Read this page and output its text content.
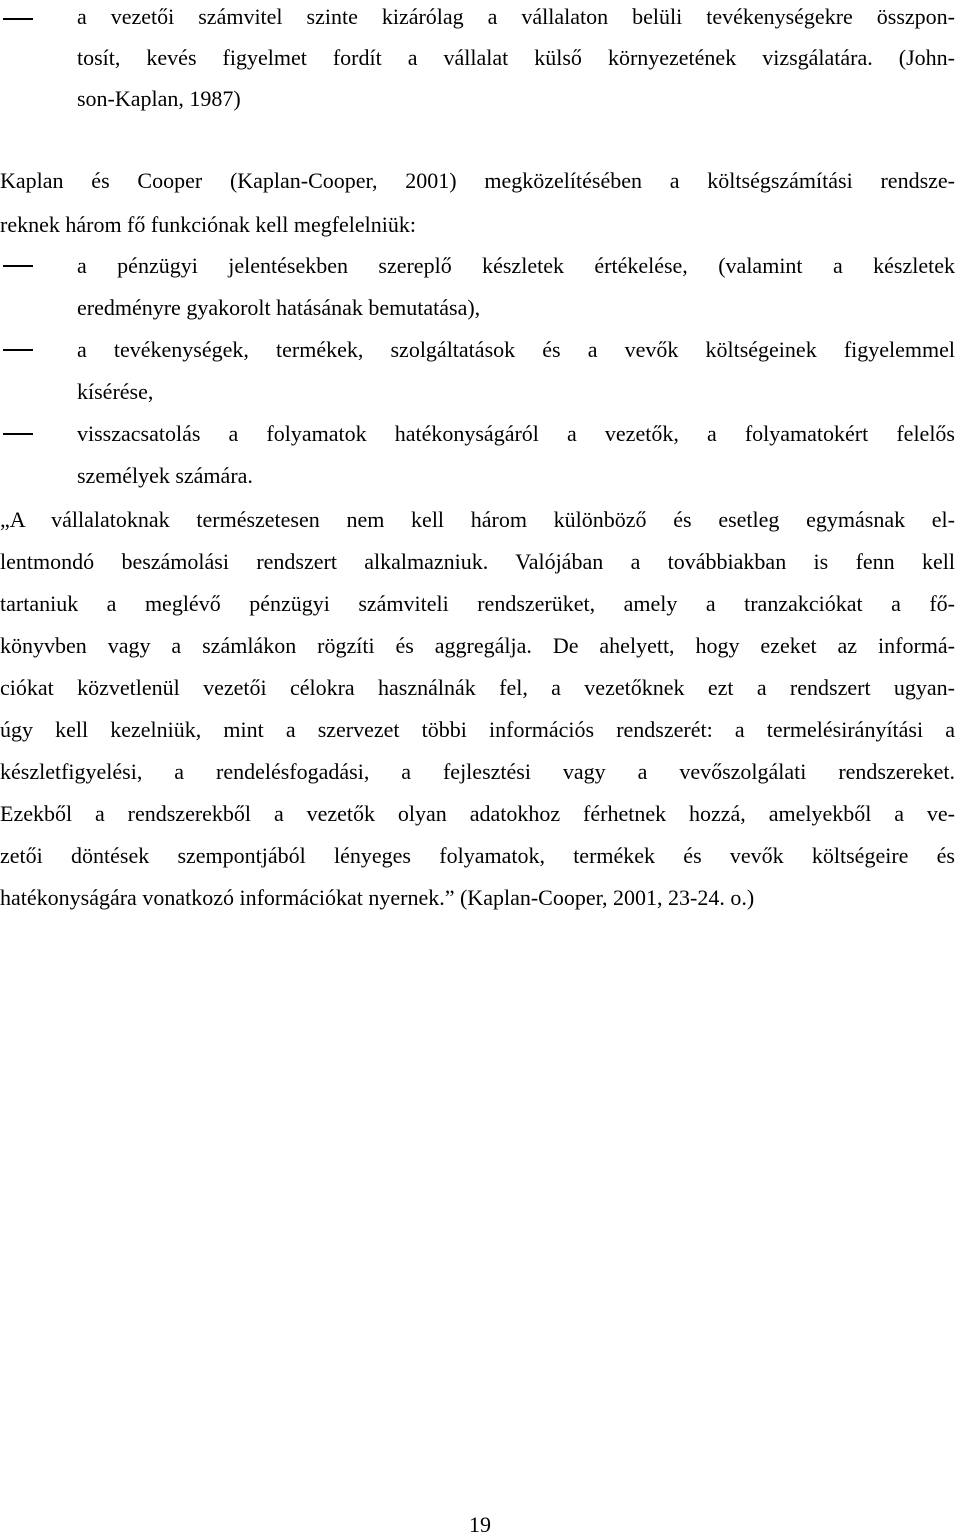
a vezetői számvitel szinte kizárólag a vállalaton belüli tevékenységekre összpon-
tosít, kevés figyelmet fordít a vállalat külső környezetének vizsgálatára. (John-
son-Kaplan, 1987)
Kaplan és Cooper (Kaplan-Cooper, 2001) megközelítésében a költségszámítási rendsze-
reknek három fő funkciónak kell megfelelniük:
a pénzügyi jelentésekben szereplő készletek értékelése, (valamint a készletek
eredményre gyakorolt hatásának bemutatása),
a tevékenységek, termékek, szolgáltatások és a vevők költségeinek figyelemmel
kísérése,
visszacsatolás a folyamatok hatékonyságáról a vezetők, a folyamatokért felelős
személyek számára.
„A vállalatoknak természetesen nem kell három különböző és esetleg egymásnak el-
lentmondó beszámolási rendszert alkalmazniuk. Valójában a továbbiakban is fenn kell
tartaniuk a meglévő pénzügyi számviteli rendszerüket, amely a tranzakciókat a fő-
könyvben vagy a számlákon rögzíti és aggregálja. De ahelyett, hogy ezeket az informá-
ciókat közvetlenül vezetői célokra használnák fel, a vezetőknek ezt a rendszert ugyan-
úgy kell kezelniük, mint a szervezet többi információs rendszerét: a termelésirányítási a
készletfigyelési, a rendelésfogadási, a fejlesztési vagy a vevőszolgálati rendszereket.
Ezekből a rendszerekből a vezetők olyan adatokhoz férhetnek hozzá, amelyekből a ve-
zetői döntések szempontjából lényeges folyamatok, termékek és vevők költségeire és
hatékonyságára vonatkozó információkat nyernek.” (Kaplan-Cooper, 2001, 23-24. o.)
19
